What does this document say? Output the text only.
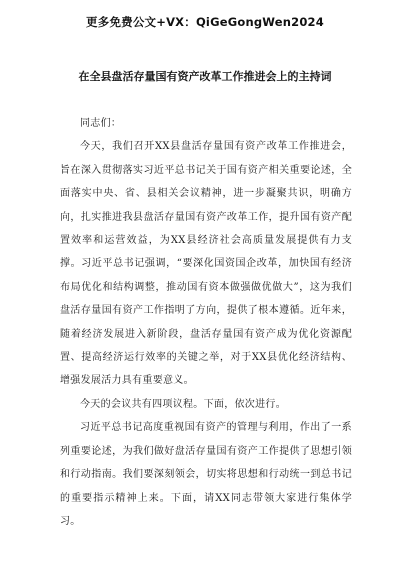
更多免费公文+VX：QiGeGongWen2024
在全县盘活存量国有资产改革工作推进会上的主持词

同志们：

今天，我们召开XX县盘活存量国有资产改革工作推进会，旨在深入贯彻落实习近平总书记关于国有资产相关重要论述，全面落实中央、省、县相关会议精神，进一步凝聚共识，明确方向，扎实推进我县盘活存量国有资产改革工作，提升国有资产配置效率和运营效益，为XX县经济社会高质量发展提供有力支撑。习近平总书记强调，“要深化国资国企改革，加快国有经济布局优化和结构调整，推动国有资本做强做优做大”，这为我们盘活存量国有资产工作指明了方向，提供了根本遵循。近年来，随着经济发展进入新阶段，盘活存量国有资产成为优化资源配置、提高经济运行效率的关键之举，对于XX县优化经济结构、增强发展活力具有重要意义。

今天的会议共有四项议程。下面，依次进行。

习近平总书记高度重视国有资产的管理与利用，作出了一系列重要论述，为我们做好盘活存量国有资产工作提供了思想引领和行动指南。我们要深刻领会，切实将思想和行动统一到总书记的重要指示精神上来。下面，请XX同志带领大家进行集体学习。
